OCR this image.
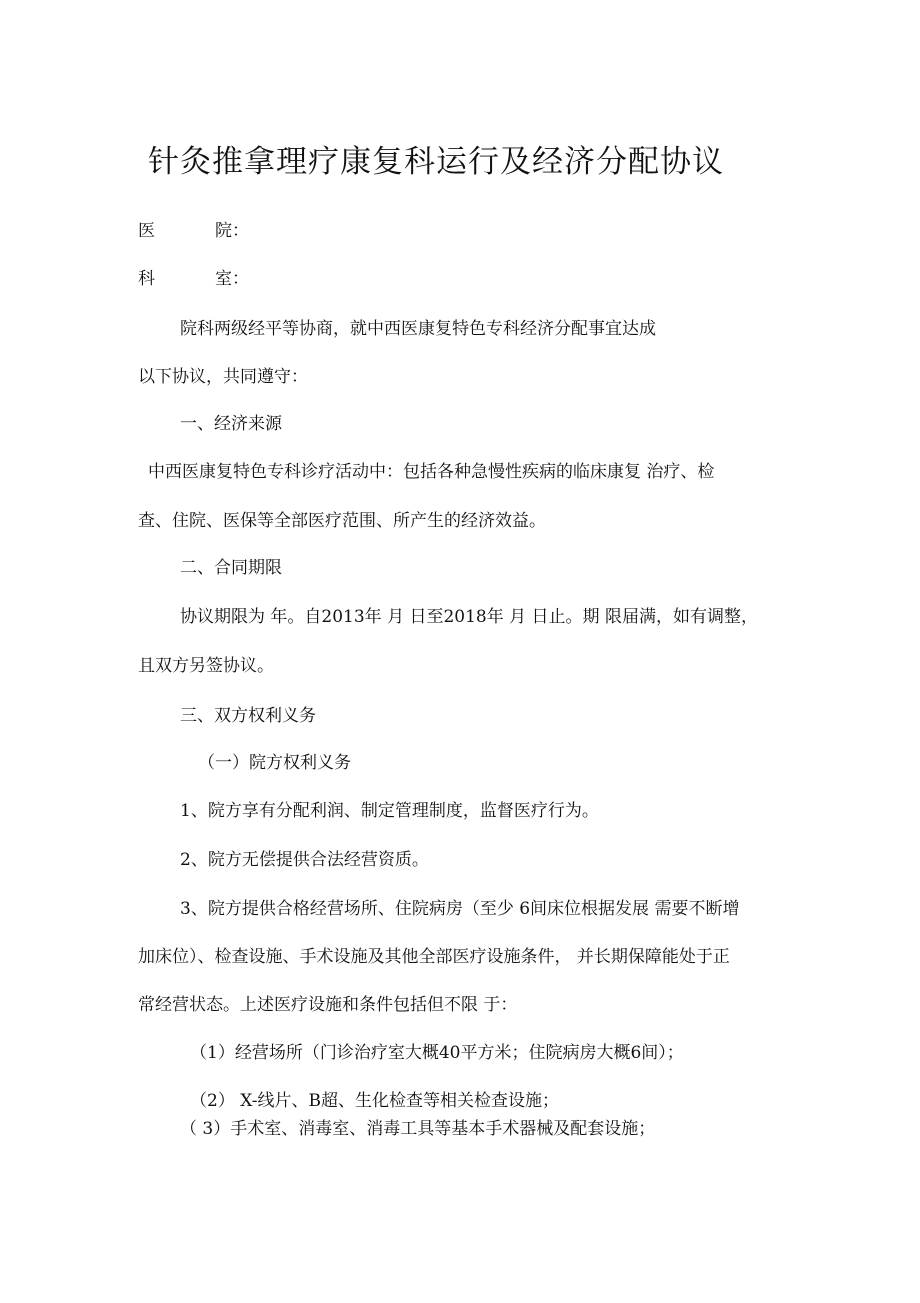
针灸推拿理疗康复科运行及经济分配协议
医	院：
科	室：
院科两级经平等协商，就中西医康复特色专科经济分配事宜达成
以下协议，共同遵守：
一、经济来源
中西医康复特色专科诊疗活动中：包括各种急慢性疾病的临床康复 治疗、检
查、住院、医保等全部医疗范围、所产生的经济效益。
二、合同期限
协议期限为 年。自2013年 月 日至2018年 月 日止。期 限届满，如有调整，
且双方另签协议。
三、双方权利义务
（一）院方权利义务
1、院方享有分配利润、制定管理制度，监督医疗行为。
2、院方无偿提供合法经营资质。
3、院方提供合格经营场所、住院病房（至少 6间床位根据发展 需要不断增
加床位）、检查设施、手术设施及其他全部医疗设施条件， 并长期保障能处于正
常经营状态。上述医疗设施和条件包括但不限 于：
（1）经营场所（门诊治疗室大概40平方米；住院病房大概6间）；
（2） X-线片、B超、生化检查等相关检查设施；
（ 3）手术室、消毒室、消毒工具等基本手术器械及配套设施；
